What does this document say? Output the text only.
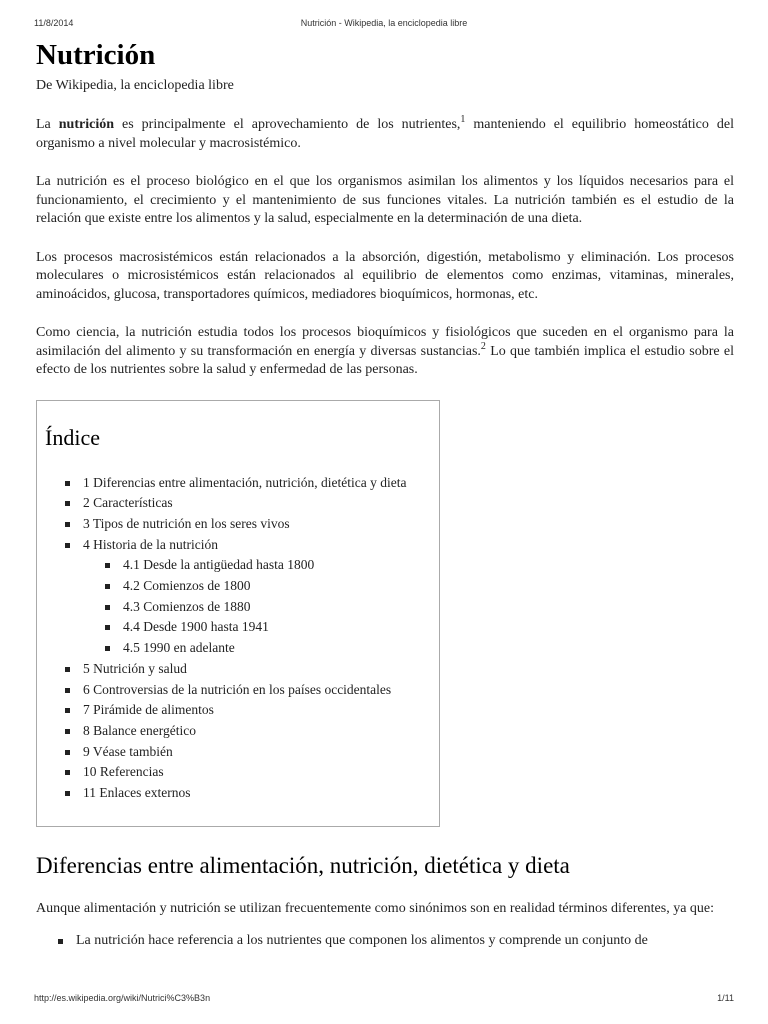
11/8/2014	Nutrición - Wikipedia, la enciclopedia libre
Nutrición
De Wikipedia, la enciclopedia libre

La nutrición es principalmente el aprovechamiento de los nutrientes,$^1$ manteniendo el equilibrio homeostático del organismo a nivel molecular y macrosistémico.

La nutrición es el proceso biológico en el que los organismos asimilan los alimentos y los líquidos necesarios para el funcionamiento, el crecimiento y el mantenimiento de sus funciones vitales. La nutrición también es el estudio de la relación que existe entre los alimentos y la salud, especialmente en la determinación de una dieta.

Los procesos macrosistémicos están relacionados a la absorción, digestión, metabolismo y eliminación. Los procesos moleculares o microsistémicos están relacionados al equilibrio de elementos como enzimas, vitaminas, minerales, aminoácidos, glucosa, transportadores químicos, mediadores bioquímicos, hormonas, etc.

Como ciencia, la nutrición estudia todos los procesos bioquímicos y fisiológicos que suceden en el organismo para la asimilación del alimento y su transformación en energía y diversas sustancias.$^2$ Lo que también implica el estudio sobre el efecto de los nutrientes sobre la salud y enfermedad de las personas.

Índice
1 Diferencias entre alimentación, nutrición, dietética y dieta
2 Características
3 Tipos de nutrición en los seres vivos
4 Historia de la nutrición
4.1 Desde la antigüedad hasta 1800
4.2 Comienzos de 1800
4.3 Comienzos de 1880
4.4 Desde 1900 hasta 1941
4.5 1990 en adelante
5 Nutrición y salud
6 Controversias de la nutrición en los países occidentales
7 Pirámide de alimentos
8 Balance energético
9 Véase también
10 Referencias
11 Enlaces externos
Diferencias entre alimentación, nutrición, dietética y dieta

Aunque alimentación y nutrición se utilizan frecuentemente como sinónimos son en realidad términos diferentes, ya que:

La nutrición hace referencia a los nutrientes que componen los alimentos y comprende un conjunto de
http://es.wikipedia.org/wiki/Nutrici%C3%B3n	1/11
